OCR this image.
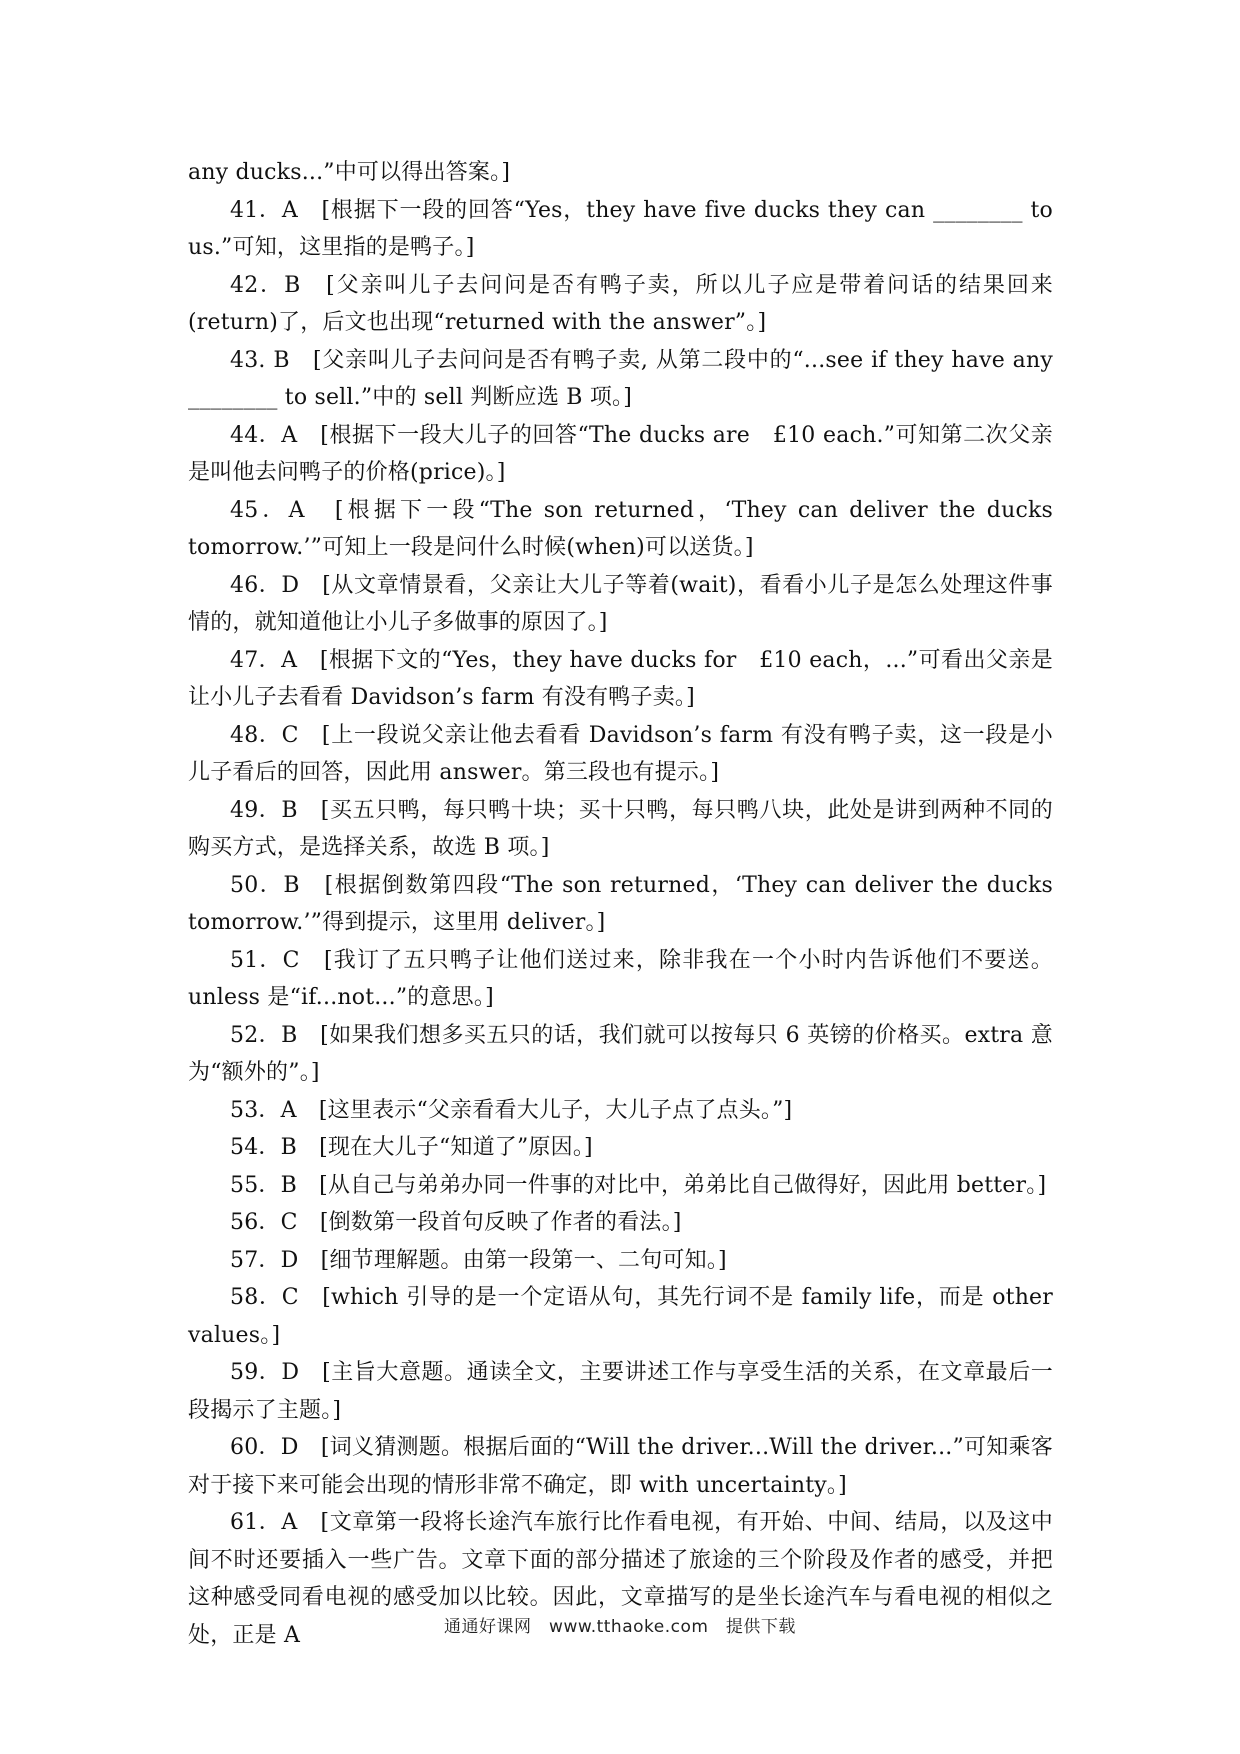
any ducks...”中可以得出答案。]

41．A　[根据下一段的回答“Yes，they have five ducks they can ________ to us.”可知，这里指的是鸭子。]

42．B　[父亲叫儿子去问问是否有鸭子卖，所以儿子应是带着问话的结果回来(return)了，后文也出现“returned with the answer”。]

43. B　[父亲叫儿子去问问是否有鸭子卖, 从第二段中的“...see if they have any ________ to sell.”中的 sell 判断应选 B 项。]

44．A　[根据下一段大儿子的回答“The ducks are　£10 each.”可知第二次父亲是叫他去问鸭子的价格(price)。]

45．A　[根据下一段“The son returned，‘They can deliver the ducks tomorrow.’”可知上一段是问什么时候(when)可以送货。]

46．D　[从文章情景看，父亲让大儿子等着(wait)，看看小儿子是怎么处理这件事情的，就知道他让小儿子多做事的原因了。]

47．A　[根据下文的“Yes，they have ducks for　£10 each，...”可看出父亲是让小儿子去看看 Davidson’s farm 有没有鸭子卖。]

48．C　[上一段说父亲让他去看看 Davidson’s farm 有没有鸭子卖，这一段是小儿子看后的回答，因此用 answer。第三段也有提示。]

49．B　[买五只鸭，每只鸭十块；买十只鸭，每只鸭八块，此处是讲到两种不同的购买方式，是选择关系，故选 B 项。]

50．B　[根据倒数第四段“The son returned，‘They can deliver the ducks tomorrow.’”得到提示，这里用 deliver。]

51．C　[我订了五只鸭子让他们送过来，除非我在一个小时内告诉他们不要送。unless 是“if...not...”的意思。]

52．B　[如果我们想多买五只的话，我们就可以按每只 6 英镑的价格买。extra 意为“额外的”。]

53．A　[这里表示“父亲看看大儿子，大儿子点了点头。”]

54．B　[现在大儿子“知道了”原因。]

55．B　[从自己与弟弟办同一件事的对比中，弟弟比自己做得好，因此用 better。]

56．C　[倒数第一段首句反映了作者的看法。]

57．D　[细节理解题。由第一段第一、二句可知。]

58．C　[which 引导的是一个定语从句，其先行词不是 family life，而是 other values。]

59．D　[主旨大意题。通读全文，主要讲述工作与享受生活的关系，在文章最后一段揭示了主题。]

60．D　[词义猜测题。根据后面的“Will the driver...Will the driver...”可知乘客对于接下来可能会出现的情形非常不确定，即 with uncertainty。]

61．A　[文章第一段将长途汽车旅行比作看电视，有开始、中间、结局，以及这中间不时还要插入一些广告。文章下面的部分描述了旅途的三个阶段及作者的感受，并把这种感受同看电视的感受加以比较。因此，文章描写的是坐长途汽车与看电视的相似之处，正是 A	通通好课网　www.tthaoke.com　提供下载
